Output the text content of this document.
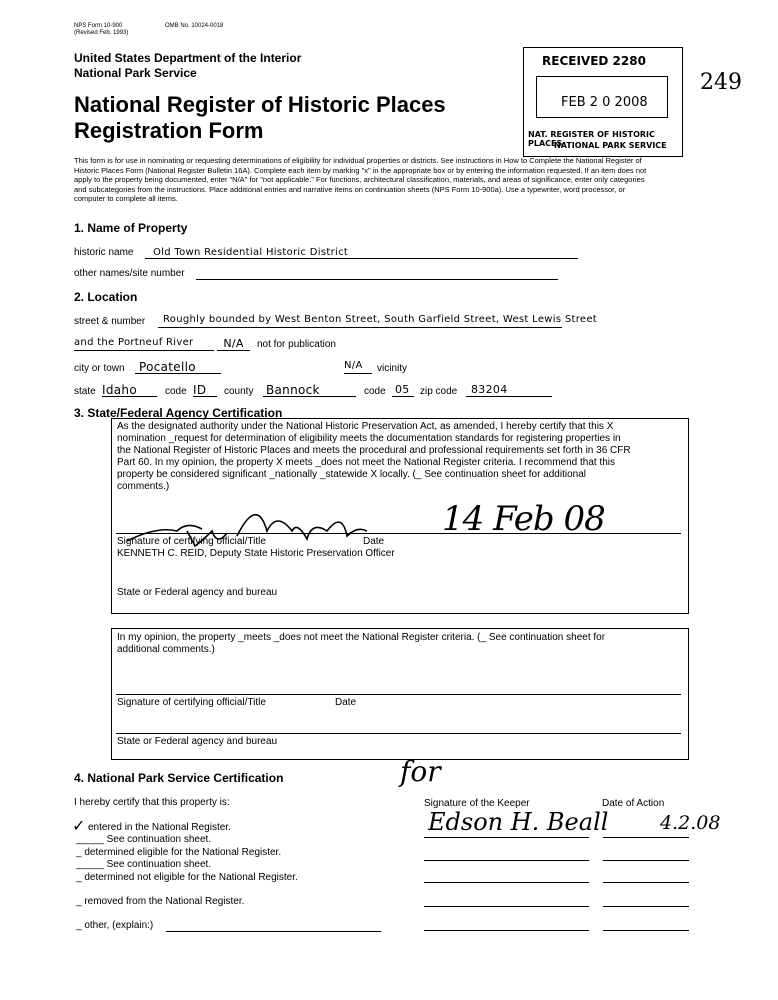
NPS Form 10-900
(Revised Feb. 1993)
OMB No. 10024-0018
United States Department of the Interior
National Park Service
National Register of Historic Places
Registration Form
RECEIVED 2280
FEB 2 0 2008
NAT. REGISTER OF HISTORIC PLACES
NATIONAL PARK SERVICE
249
This form is for use in nominating or requesting determinations of eligibility for individual properties or districts. See instructions in How to Complete the National Register of
Historic Places Form (National Register Bulletin 16A). Complete each item by marking "x" in the appropriate box or by entering the information requested. If an item does not
apply to the property being documented, enter "N/A" for "not applicable." For functions, architectural classification, materials, and areas of significance, enter only categories
and subcategories from the instructions. Place additional entries and narrative items on continuation sheets (NPS Form 10-900a). Use a typewriter, word processor, or
computer to complete all items.
1. Name of Property
historic name	Old Town Residential Historic District
other names/site number
2. Location
street & number	Roughly bounded by West Benton Street, South Garfield Street, West Lewis Street
and the Portneuf River	N/A	not for publication
city or town	Pocatello	N/A	vicinity
state Idaho	code ID	county Bannock	code 05	zip code	83204
3. State/Federal Agency Certification
As the designated authority under the National Historic Preservation Act, as amended, I hereby certify that this X
nomination _request for determination of eligibility meets the documentation standards for registering properties in
the National Register of Historic Places and meets the procedural and professional requirements set forth in 36 CFR
Part 60. In my opinion, the property X meets _does not meet the National Register criteria. I recommend that this
property be considered significant _nationally _statewide X locally. (_ See continuation sheet for additional
comments.)
Signature of certifying official/Title	Date
14 Feb 08
KENNETH C. REID, Deputy State Historic Preservation Officer
State or Federal agency and bureau
In my opinion, the property _meets _does not meet the National Register criteria. (_ See continuation sheet for
additional comments.)
Signature of certifying official/Title	Date
State or Federal agency and bureau
4. National Park Service Certification
I hereby certify that this property is:
for
Signature of the Keeper	Date of Action
Edson H. Beall	4.2.08
✓ entered in the National Register.
_____ See continuation sheet.
_ determined eligible for the National Register.
_____ See continuation sheet.
_ determined not eligible for the National Register.
_ removed from the National Register.
_ other, (explain:)
